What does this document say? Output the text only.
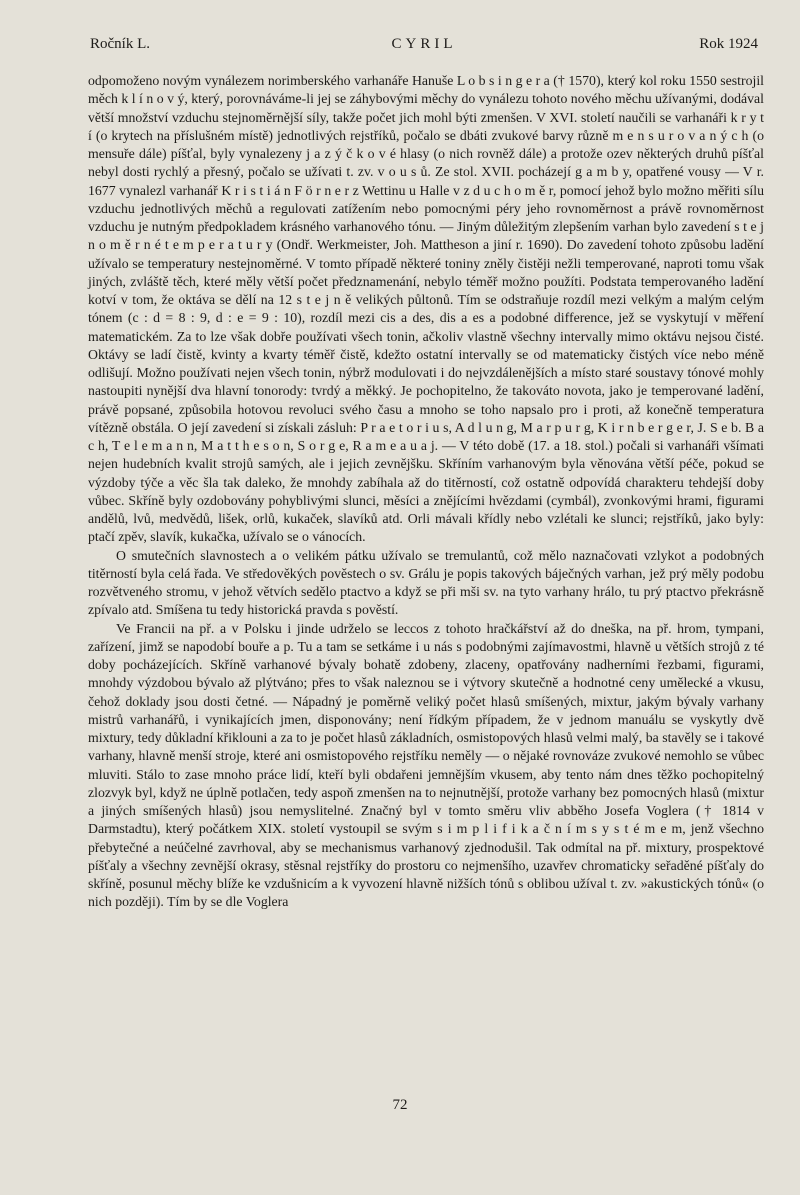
Ročník L.	CYRIL	Rok 1924

odpomoženo novým vynálezem norimberského varhanáře Hanuše L o b s i n g e r a († 1570), který kol roku 1550 sestrojil měch k l í n o v ý, který, porovnáváme-li jej se záhybovými měchy do vynálezu tohoto nového měchu užívanými, dodával větší množství vzduchu stejnoměrnější síly, takže počet jich mohl býti zmenšen. V XVI. století naučili se varhanáři k r y t í (o krytech na příslušném místě) jednotlivých rejstříků, počalo se dbáti zvukové barvy různě m e n s u r o v a n ý c h (o mensuře dále) píšťal, byly vynalezeny j a z ý č k o v é hlasy (o nich rovněž dále) a protože ozev některých druhů píšťal nebyl dosti rychlý a přesný, počalo se užívati t. zv. v o u s ů. Ze stol. XVII. pocházejí g a m b y, opatřené vousy — V r. 1677 vynalezl varhanář K r i s t i á n F ö r n e r z Wettinu u Halle v z d u c h o m ě r, pomocí jehož bylo možno měřiti sílu vzduchu jednotlivých měchů a regulovati zatížením nebo pomocnými péry jeho rovnoměrnost a právě rovnoměrnost vzduchu je nutným předpokladem krásného varhanového tónu. — Jiným důležitým zlepšením varhan bylo zavedení s t e j n o m ě r n é t e m p e r a t u r y (Ondř. Werkmeister, Joh. Mattheson a jiní r. 1690). Do zavedení tohoto způsobu ladění užívalo se temperatury nestejnoměrné. V tomto případě některé toniny zněly čistěji nežli temperované, naproti tomu však jiných, zvláště těch, které měly větší počet předznamenání, nebylo téměř možno použíti. Podstata temperovaného ladění kotví v tom, že oktáva se dělí na 12 s t e j n ě velikých půltonů. Tím se odstraňuje rozdíl mezi velkým a malým celým tónem (c : d = 8 : 9, d : e = 9 : 10), rozdíl mezi cis a des, dis a es a podobné difference, jež se vyskytují v měření matematickém. Za to lze však dobře používati všech tonin, ačkoliv vlastně všechny intervally mimo oktávu nejsou čisté. Oktávy se ladí čistě, kvinty a kvarty téměř čistě, kdežto ostatní intervally se od matematicky čistých více nebo méně odlišují. Možno používati nejen všech tonin, nýbrž modulovati i do nejvzdálenějších a místo staré soustavy tónové mohly nastoupiti nynější dva hlavní tonorody: tvrdý a měkký. Je pochopitelno, že takováto novota, jako je temperované ladění, právě popsané, způsobila hotovou revoluci svého času a mnoho se toho napsalo pro i proti, až konečně temperatura vítězně obstála. O její zavedení si získali zásluh: P r a e t o r i u s, A d l u n g, M a r p u r g, K i r n b e r g e r, J. S e b. B a c h, T e l e m a n n, M a t t h e s o n, S o r g e, R a m e a u a j. — V této době (17. a 18. stol.) počali si varhanáři všímati nejen hudebních kvalit strojů samých, ale i jejich zevnějšku. Skříním varhanovým byla věnována větší péče, pokud se výzdoby týče a věc šla tak daleko, že mnohdy zabíhala až do titěrností, což ostatně odpovídá charakteru tehdejší doby vůbec. Skříně byly ozdobovány pohyblivými slunci, měsíci a znějícími hvězdami (cymbál), zvonkovými hrami, figurami andělů, lvů, medvědů, lišek, orlů, kukaček, slavíků atd. Orli mávali křídly nebo vzlétali ke slunci; rejstříků, jako byly: ptačí zpěv, slavík, kukačka, užívalo se o vánocích.

O smutečních slavnostech a o velikém pátku užívalo se tremulantů, což mělo naznačovati vzlykot a podobných titěrností byla celá řada. Ve středověkých pověstech o sv. Grálu je popis takových báječných varhan, jež prý měly podobu rozvětveného stromu, v jehož větvích sedělo ptactvo a když se při mši sv. na tyto varhany hrálo, tu prý ptactvo překrásně zpívalo atd. Smíšena tu tedy historická pravda s pověstí.

Ve Francii na př. a v Polsku i jinde udrželo se leccos z tohoto hračkářství až do dneška, na př. hrom, tympani, zařízení, jimž se napodobí bouře a p. Tu a tam se setkáme i u nás s podobnými zajímavostmi, hlavně u větších strojů z té doby pocházejících. Skříně varhanové bývaly bohatě zdobeny, zlaceny, opatřovány nadherními řezbami, figurami, mnohdy výzdobou bývalo až plýtváno; přes to však naleznou se i výtvory skutečně a hodnotné ceny umělecké a vkusu, čehož doklady jsou dosti četné. — Nápadný je poměrně veliký počet hlasů smíšených, mixtur, jakým bývaly varhany mistrů varhanářů, i vynikajících jmen, disponovány; není řídkým případem, že v jednom manuálu se vyskytly dvě mixtury, tedy důkladní křiklouni a za to je počet hlasů základních, osmistopových hlasů velmi malý, ba stavěly se i takové varhany, hlavně menší stroje, které ani osmistopového rejstříku neměly — o nějaké rovnováze zvukové nemohlo se vůbec mluviti. Stálo to zase mnoho práce lidí, kteří byli obdařeni jemnějším vkusem, aby tento nám dnes těžko pochopitelný zlozvyk byl, když ne úplně potlačen, tedy aspoň zmenšen na to nejnutnější, protože varhany bez pomocných hlasů (mixtur a jiných smíšených hlasů) jsou nemyslitelné. Značný byl v tomto směru vliv abběho Josefa Voglera († 1814 v Darmstadtu), který počátkem XIX. století vystoupil se svým s i m p l i f i k a č n í m s y s t é m e m, jenž všechno přebytečné a neúčelné zavrhoval, aby se mechanismus varhanový zjednodušil. Tak odmítal na př. mixtury, prospektové píšťaly a všechny zevnější okrasy, stěsnal rejstříky do prostoru co nejmenšího, uzavřev chromaticky seřaděné píšťaly do skříně, posunul měchy blíže ke vzdušnicím a k vyvození hlavně nižších tónů s oblibou užíval t. zv. »akustických tónů« (o nich později). Tím by se dle Voglera

72
